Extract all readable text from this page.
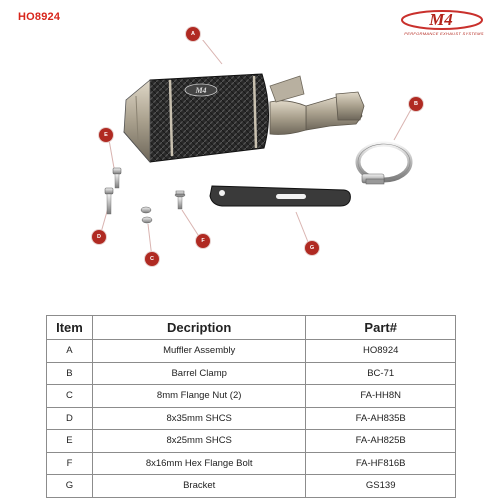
HO8924	M4
PERFORMANCE EXHAUST SYSTEMS
M4
A
B
C
D
E
F
G
Item	Decription	Part#
A	Muffler Assembly	HO8924
B	Barrel Clamp	BC-71
C	8mm Flange Nut (2)	FA-HH8N
D	8x35mm SHCS	FA-AH835B
E	8x25mm SHCS	FA-AH825B
F	8x16mm Hex Flange Bolt	FA-HF816B
G	Bracket	GS139
